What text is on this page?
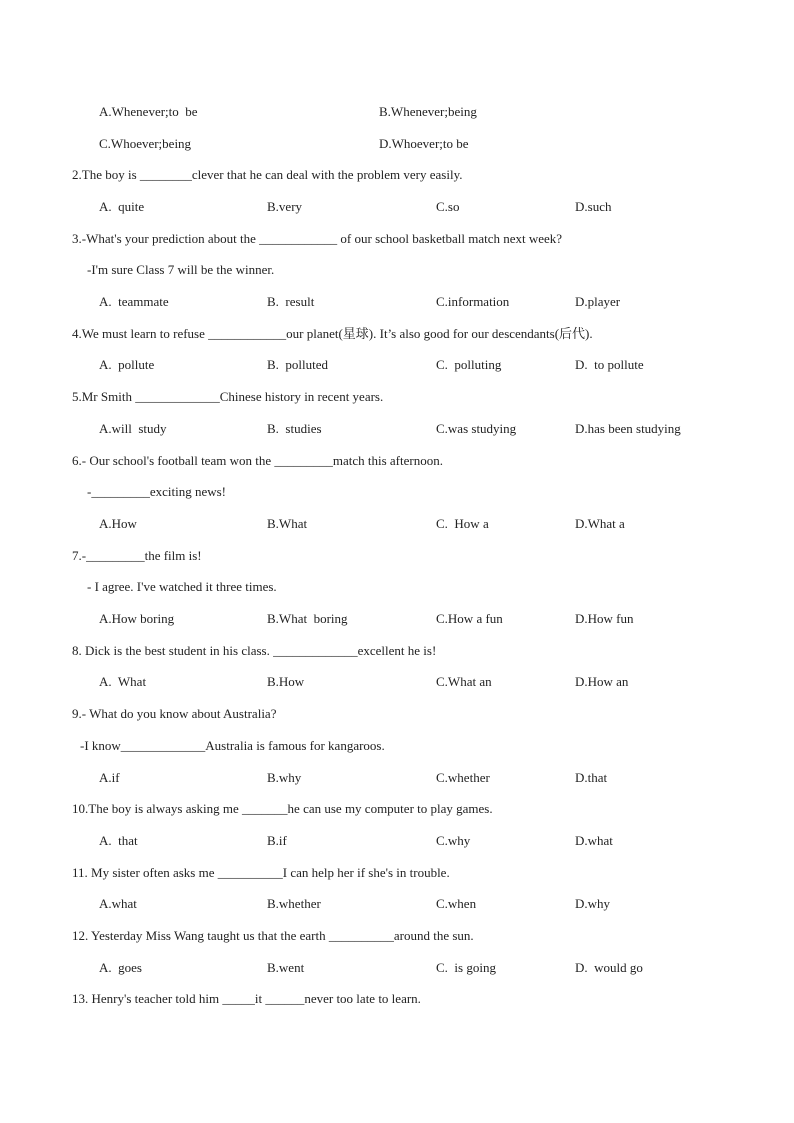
A.Whenever;to  be	B.Whenever;being
C.Whoever;being	D.Whoever;to be
2.The boy is ________clever that he can deal with the problem very easily.
A.  quite	B.very	C.so	D.such
3.-What's your prediction about the ____________ of our school basketball match next week?
-I'm sure Class 7 will be the winner.
A.  teammate	B.  result	C.information	D.player
4.We must learn to refuse ____________our planet(星球). It’s also good for our descendants(后代).
A.  pollute	B.  polluted	C.  polluting	D.  to pollute
5.Mr Smith _____________Chinese history in recent years.
A.will  study	B.  studies	C.was studying	D.has been studying
6.- Our school's football team won the _________match this afternoon.
-_________exciting news!
A.How	B.What	C.  How a	D.What a
7.-_________the film is!
- I agree. I've watched it three times.
A.How boring	B.What  boring	C.How a fun	D.How fun
8. Dick is the best student in his class. _____________excellent he is!
A.  What	B.How	C.What an	D.How an
9.- What do you know about Australia?
-I know_____________Australia is famous for kangaroos.
A.if	B.why	C.whether	D.that
10.The boy is always asking me _______he can use my computer to play games.
A.  that	B.if	C.why	D.what
11. My sister often asks me __________I can help her if she's in trouble.
A.what	B.whether	C.when	D.why
12. Yesterday Miss Wang taught us that the earth __________around the sun.
A.  goes	B.went	C.  is going	D.  would go
13. Henry's teacher told him _____it ______never too late to learn.
